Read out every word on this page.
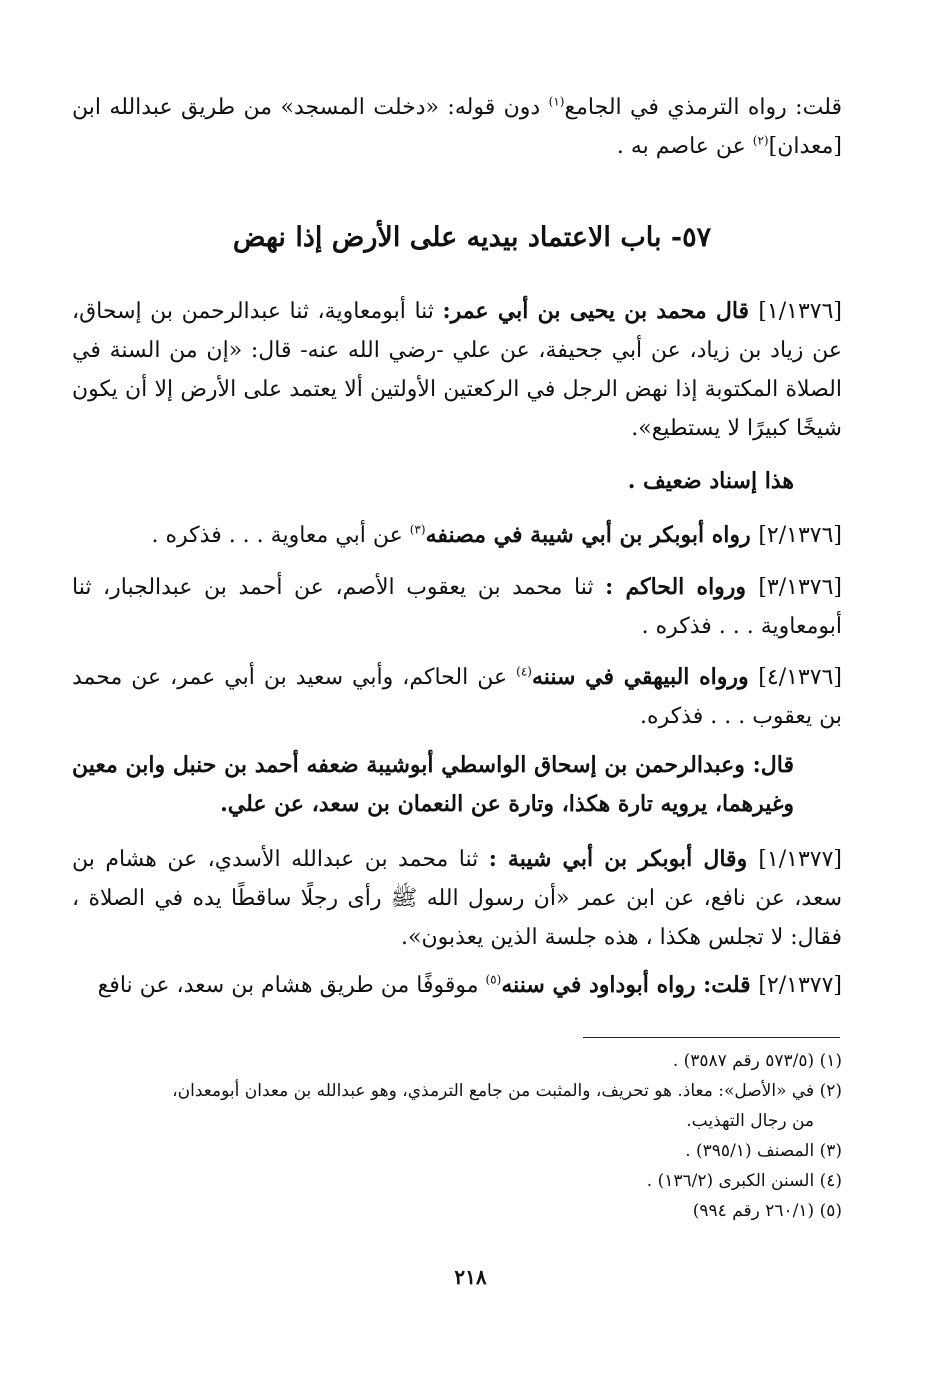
قلت: رواه الترمذي في الجامع$^{(١)}$ دون قوله: «دخلت المسجد» من طريق عبدالله ابن [معدان]$^{(٢)}$ عن عاصم به .

٥٧- باب الاعتماد بيديه على الأرض إذا نهض

[١/١٣٧٦] قال محمد بن يحيى بن أبي عمر: ثنا أبومعاوية، ثنا عبدالرحمن بن إسحاق، عن زياد بن زياد، عن أبي جحيفة، عن علي -رضي الله عنه- قال: «إن من السنة في الصلاة المكتوبة إذا نهض الرجل في الركعتين الأولتين ألا يعتمد على الأرض إلا أن يكون شيخًا كبيرًا لا يستطيع».

هذا إسناد ضعيف .

[٢/١٣٧٦] رواه أبوبكر بن أبي شيبة في مصنفه$^{(٣)}$ عن أبي معاوية . . . فذكره .

[٣/١٣٧٦] ورواه الحاكم : ثنا محمد بن يعقوب الأصم، عن أحمد بن عبدالجبار، ثنا أبومعاوية . . . فذكره .

[٤/١٣٧٦] ورواه البيهقي في سننه$^{(٤)}$ عن الحاكم، وأبي سعيد بن أبي عمر، عن محمد بن يعقوب . . . فذكره.

قال: وعبدالرحمن بن إسحاق الواسطي أبوشيبة ضعفه أحمد بن حنبل وابن معين وغيرهما، يرويه تارة هكذا، وتارة عن النعمان بن سعد، عن علي.

[١/١٣٧٧] وقال أبوبكر بن أبي شيبة : ثنا محمد بن عبدالله الأسدي، عن هشام بن سعد، عن نافع، عن ابن عمر «أن رسول الله ﷺ رأى رجلًا ساقطًا يده في الصلاة ، فقال: لا تجلس هكذا ، هذه جلسة الذين يعذبون».

[٢/١٣٧٧] قلت: رواه أبوداود في سننه$^{(٥)}$ موقوفًا من طريق هشام بن سعد، عن نافع

(١) (٥٧٣/٥ رقم ٣٥٨٧) .

(٢) في «الأصل»: معاذ. هو تحريف، والمثبت من جامع الترمذي، وهو عبدالله بن معدان أبومعدان،

من رجال التهذيب.

(٣) المصنف (٣٩٥/١) .

(٤) السنن الكبرى (١٣٦/٢) .

(٥) (٢٦٠/١ رقم ٩٩٤)

٢١٨
